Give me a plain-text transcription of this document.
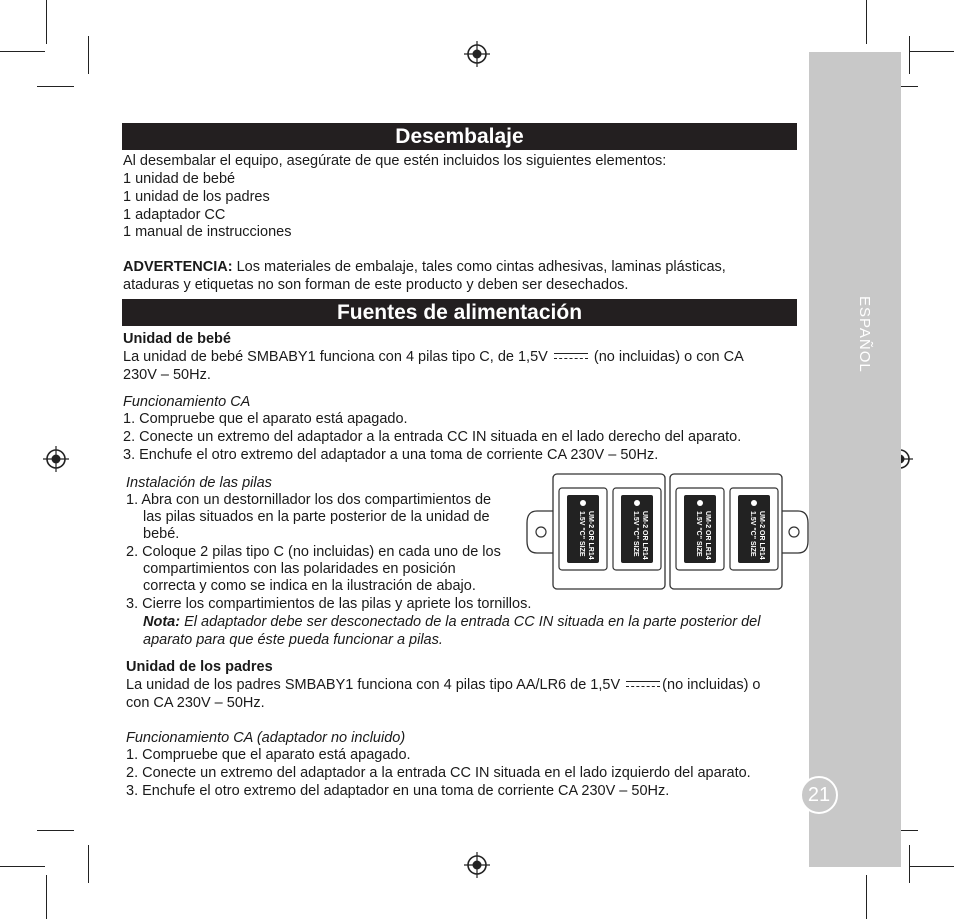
ESPAÑOL
21
Desembalaje
Al desembalar el equipo, asegúrate de que estén incluidos los siguientes elementos:
1 unidad de bebé
1 unidad de los padres
1 adaptador CC
1 manual de instrucciones
ADVERTENCIA: Los materiales de embalaje, tales como cintas adhesivas, laminas plásticas,
ataduras y etiquetas no son forman de este producto y deben ser desechados.
Fuentes de alimentación
Unidad de bebé
La unidad de bebé SMBABY1 funciona con 4 pilas tipo C, de 1,5V	(no incluidas) o con CA
230V – 50Hz.
Funcionamiento CA
1. Compruebe que el aparato está apagado.
2. Conecte un extremo del adaptador a la entrada CC IN situada en el lado derecho del aparato.
3. Enchufe el otro extremo del adaptador a una toma de corriente CA 230V – 50Hz.
Instalación de las pilas
1. Abra con un destornillador los dos compartimientos de
las pilas situados en la parte posterior de la unidad de
bebé.
2. Coloque 2 pilas tipo C (no incluidas) en cada uno de los
compartimientos con las polaridades en posición
correcta y como se indica en la ilustración de abajo.
3. Cierre los compartimientos de las pilas y apriete los tornillos.
Nota: El adaptador debe ser desconectado de la entrada CC IN situada en la parte posterior del
aparato para que éste pueda funcionar a pilas.
1.5V "C" SIZE UM-2 OR LR14	1.5V "C" SIZE UM-2 OR LR14	1.5V "C" SIZE UM-2 OR LR14	1.5V "C" SIZE UM-2 OR LR14
Unidad de los padres
La unidad de los padres SMBABY1 funciona con 4 pilas tipo AA/LR6 de 1,5V	(no incluidas) o
con CA 230V – 50Hz.
Funcionamiento CA (adaptador no incluido)
1. Compruebe que el aparato está apagado.
2. Conecte un extremo del adaptador a la entrada CC IN situada en el lado izquierdo del aparato.
3. Enchufe el otro extremo del adaptador en una toma de corriente CA 230V – 50Hz.
